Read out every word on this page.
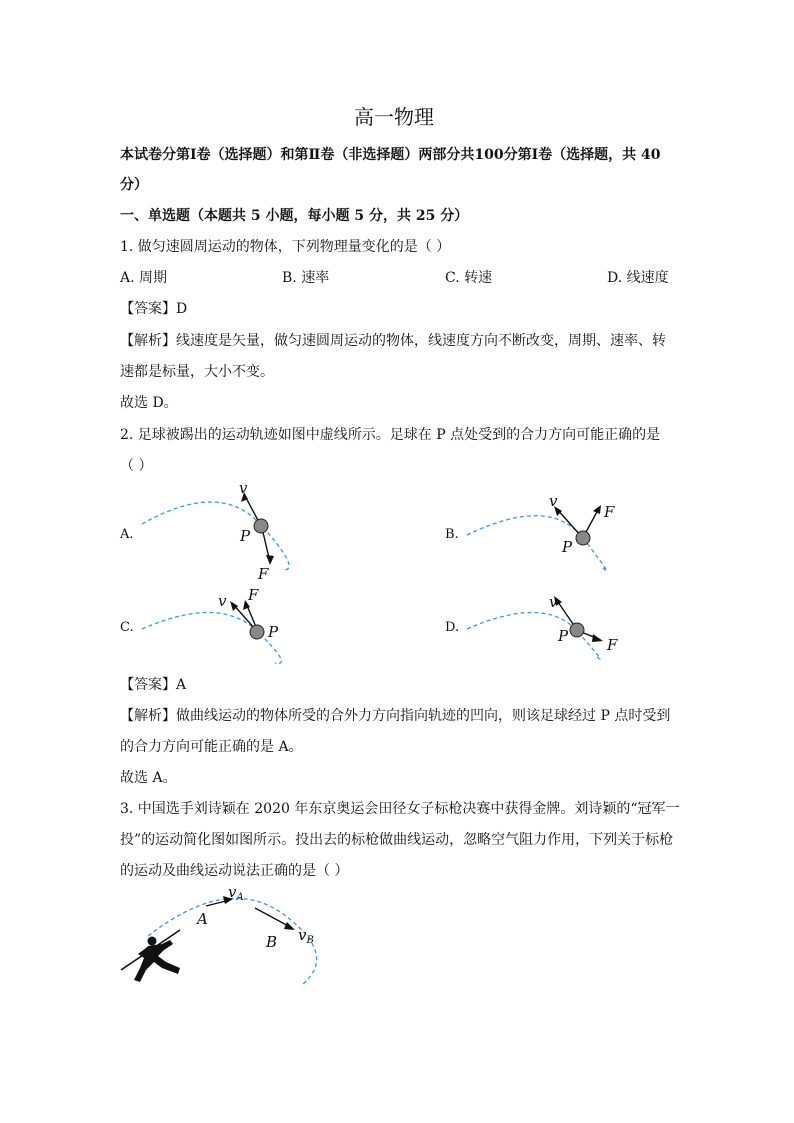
高一物理
本试卷分第Ⅰ卷（选择题）和第Ⅱ卷（非选择题）两部分共100分第Ⅰ卷（选择题，共 40
分）
一、单选题（本题共 5 小题，每小题 5 分，共 25 分）
1. 做匀速圆周运动的物体，下列物理量变化的是（ ）
A. 周期	B. 速率	C. 转速	D. 线速度
【答案】D
【解析】线速度是矢量，做匀速圆周运动的物体，线速度方向不断改变，周期、速率、转
速都是标量，大小不变。
故选 D。
2. 足球被踢出的运动轨迹如图中虚线所示。足球在 P 点处受到的合力方向可能正确的是
（ ）
A.
v
P
F
B.
v
F
P
C.
v F
P	D.
v
P	F
【答案】A
【解析】做曲线运动的物体所受的合外力方向指向轨迹的凹向，则该足球经过 P 点时受到
的合力方向可能正确的是 A。
故选 A。
3. 中国选手刘诗颖在 2020 年东京奥运会田径女子标枪决赛中获得金牌。刘诗颖的“冠军一
投”的运动简化图如图所示。投出去的标枪做曲线运动，忽略空气阻力作用，下列关于标枪
的运动及曲线运动说法正确的是（ ）
$v_A$
A
B $v_B$
